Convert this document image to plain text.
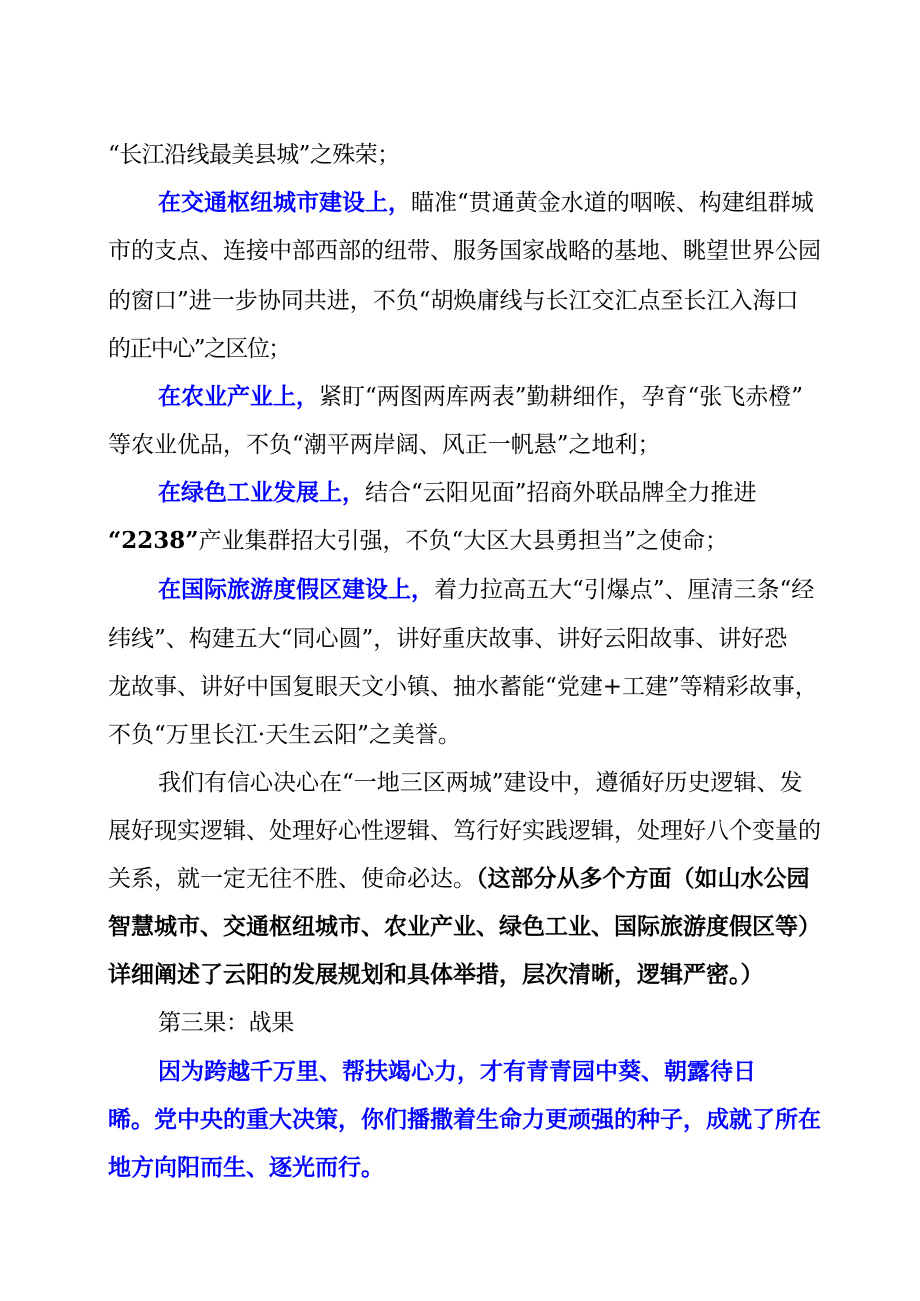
“长江沿线最美县城”之殊荣；

在交通枢纽城市建设上，瞄准“贯通黄金水道的咽喉、构建组群城

市的支点、连接中部西部的纽带、服务国家战略的基地、眺望世界公园

的窗口”进一步协同共进，不负“胡焕庸线与长江交汇点至长江入海口

的正中心”之区位；

在农业产业上，紧盯“两图两库两表”勤耕细作，孕育“张飞赤橙”

等农业优品，不负“潮平两岸阔、风正一帆悬”之地利；

在绿色工业发展上，结合“云阳见面”招商外联品牌全力推进

“2238”产业集群招大引强，不负“大区大县勇担当”之使命；

在国际旅游度假区建设上，着力拉高五大“引爆点”、厘清三条“经

纬线”、构建五大“同心圆”，讲好重庆故事、讲好云阳故事、讲好恐

龙故事、讲好中国复眼天文小镇、抽水蓄能“党建+工建”等精彩故事，

不负“万里长江·天生云阳”之美誉。

我们有信心决心在“一地三区两城”建设中，遵循好历史逻辑、发

展好现实逻辑、处理好心性逻辑、笃行好实践逻辑，处理好八个变量的

关系，就一定无往不胜、使命必达。（这部分从多个方面（如山水公园

智慧城市、交通枢纽城市、农业产业、绿色工业、国际旅游度假区等）

详细阐述了云阳的发展规划和具体举措，层次清晰，逻辑严密。）

第三果：战果

因为跨越千万里、帮扶竭心力，才有青青园中葵、朝露待日

晞。党中央的重大决策，你们播撒着生命力更顽强的种子，成就了所在

地方向阳而生、逐光而行。
